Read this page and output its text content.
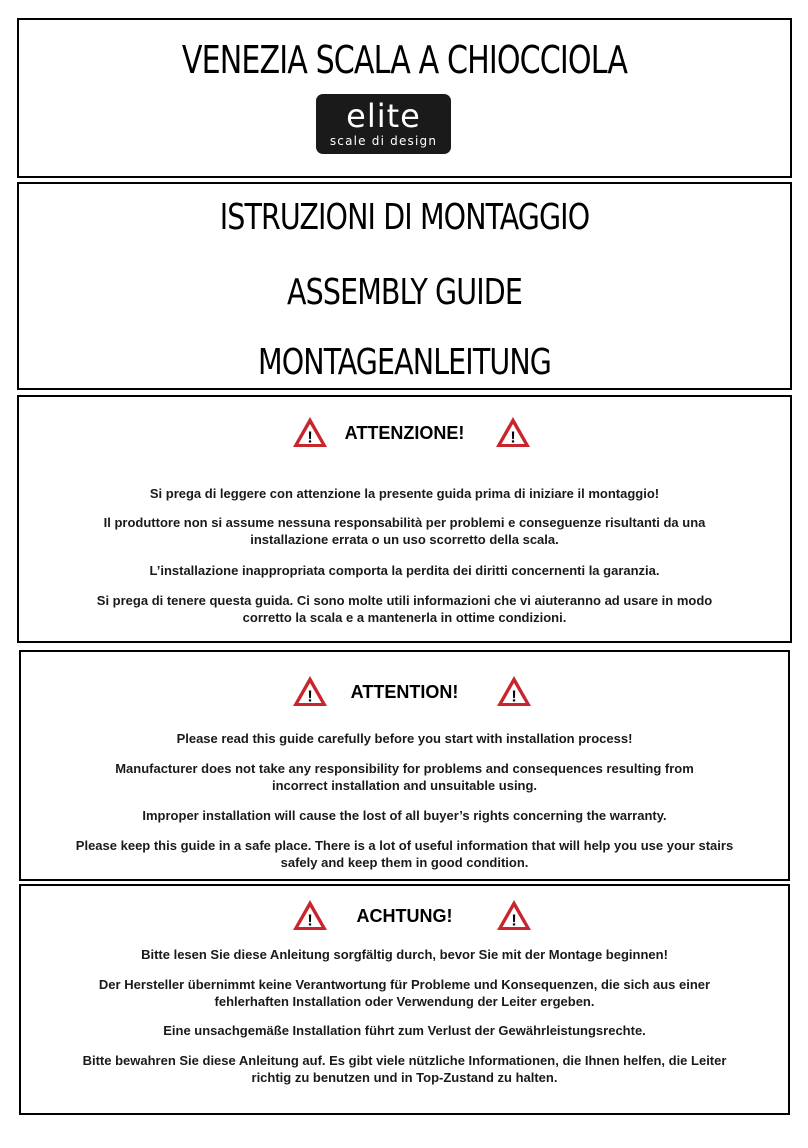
VENEZIA SCALA A CHIOCCIOLA
elite
scale di design
ISTRUZIONI DI MONTAGGIO
ASSEMBLY GUIDE
MONTAGEANLEITUNG
!	ATTENZIONE!	!
Si prega di leggere con attenzione la presente guida prima di iniziare il montaggio!
Il produttore non si assume nessuna responsabilità per problemi e conseguenze risultanti da una installazione errata o un uso scorretto della scala.
L’installazione inappropriata comporta la perdita dei diritti concernenti la garanzia.
Si prega di tenere questa guida. Ci sono molte utili informazioni che vi aiuteranno ad usare in modo corretto la scala e a mantenerla in ottime condizioni.
!	ATTENTION!	!
Please read this guide carefully before you start with installation process!
Manufacturer does not take any responsibility for problems and consequences resulting from incorrect installation and unsuitable using.
Improper installation will cause the lost of all buyer’s rights concerning the warranty.
Please keep this guide in a safe place. There is a lot of useful information that will help you use your stairs safely and keep them in good condition.
!	ACHTUNG!	!
Bitte lesen Sie diese Anleitung sorgfältig durch, bevor Sie mit der Montage beginnen!
Der Hersteller übernimmt keine Verantwortung für Probleme und Konsequenzen, die sich aus einer fehlerhaften Installation oder Verwendung der Leiter ergeben.
Eine unsachgemäße Installation führt zum Verlust der Gewährleistungsrechte.
Bitte bewahren Sie diese Anleitung auf. Es gibt viele nützliche Informationen, die Ihnen helfen, die Leiter richtig zu benutzen und in Top-Zustand zu halten.
